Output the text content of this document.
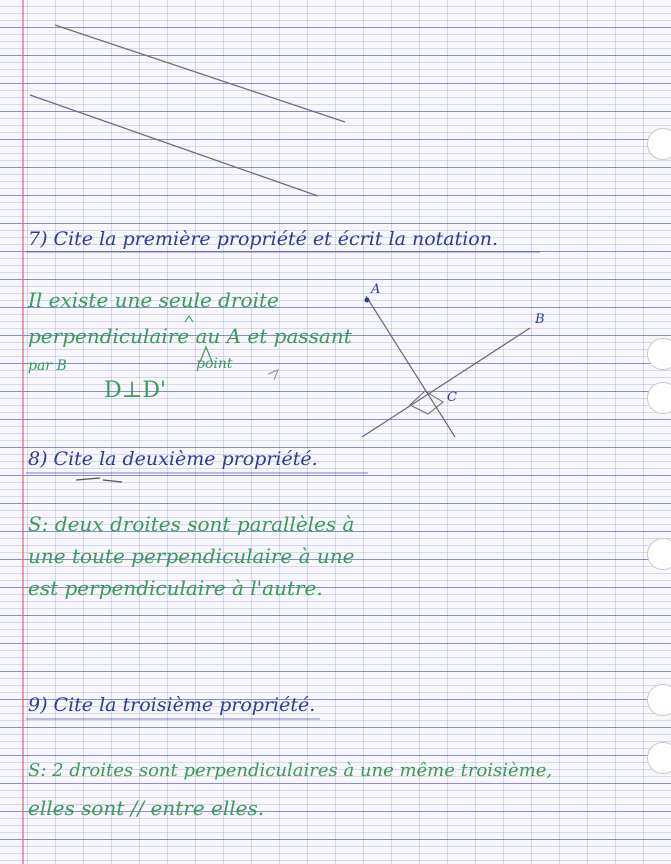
A
B
C
7) Cite la première propriété et écrit la notation.
Il existe une seule droite
perpendiculaire au A et passant
par B	point
D⊥D'
8) Cite la deuxième propriété.
S: deux droites sont parallèles à
une toute perpendiculaire à une
est perpendiculaire à l'autre.
9) Cite la troisième propriété.
S: 2 droites sont perpendiculaires à une même troisième,
elles sont // entre elles.
